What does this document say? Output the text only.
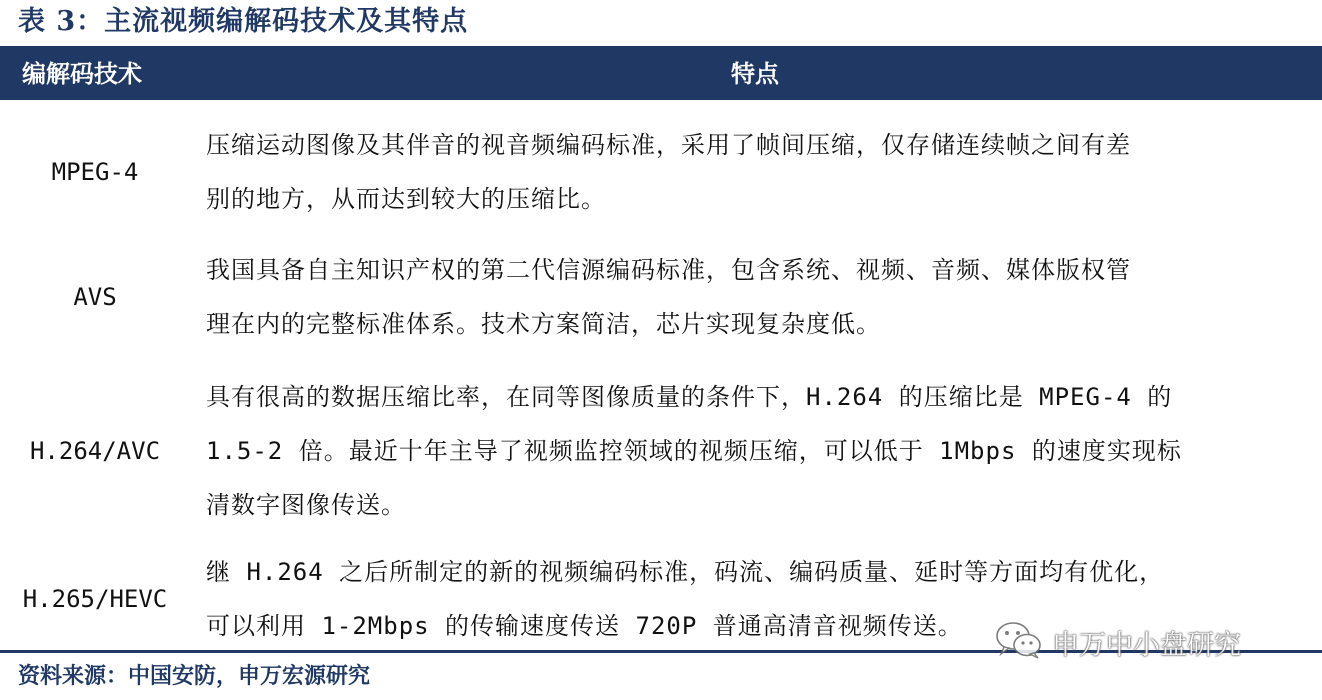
表 3：主流视频编解码技术及其特点
编解码技术	特点
MPEG-4
压缩运动图像及其伴音的视音频编码标准，采用了帧间压缩，仅存储连续帧之间有差
别的地方，从而达到较大的压缩比。
AVS
我国具备自主知识产权的第二代信源编码标准，包含系统、视频、音频、媒体版权管
理在内的完整标准体系。技术方案简洁，芯片实现复杂度低。
H.264/AVC
具有很高的数据压缩比率，在同等图像质量的条件下，H.264 的压缩比是 MPEG-4 的
1.5-2 倍。最近十年主导了视频监控领域的视频压缩，可以低于 1Mbps 的速度实现标
清数字图像传送。
H.265/HEVC
继 H.264 之后所制定的新的视频编码标准，码流、编码质量、延时等方面均有优化，
可以利用 1-2Mbps 的传输速度传送 720P 普通高清音视频传送。
资料来源：中国安防，申万宏源研究
申万中小盘研究
